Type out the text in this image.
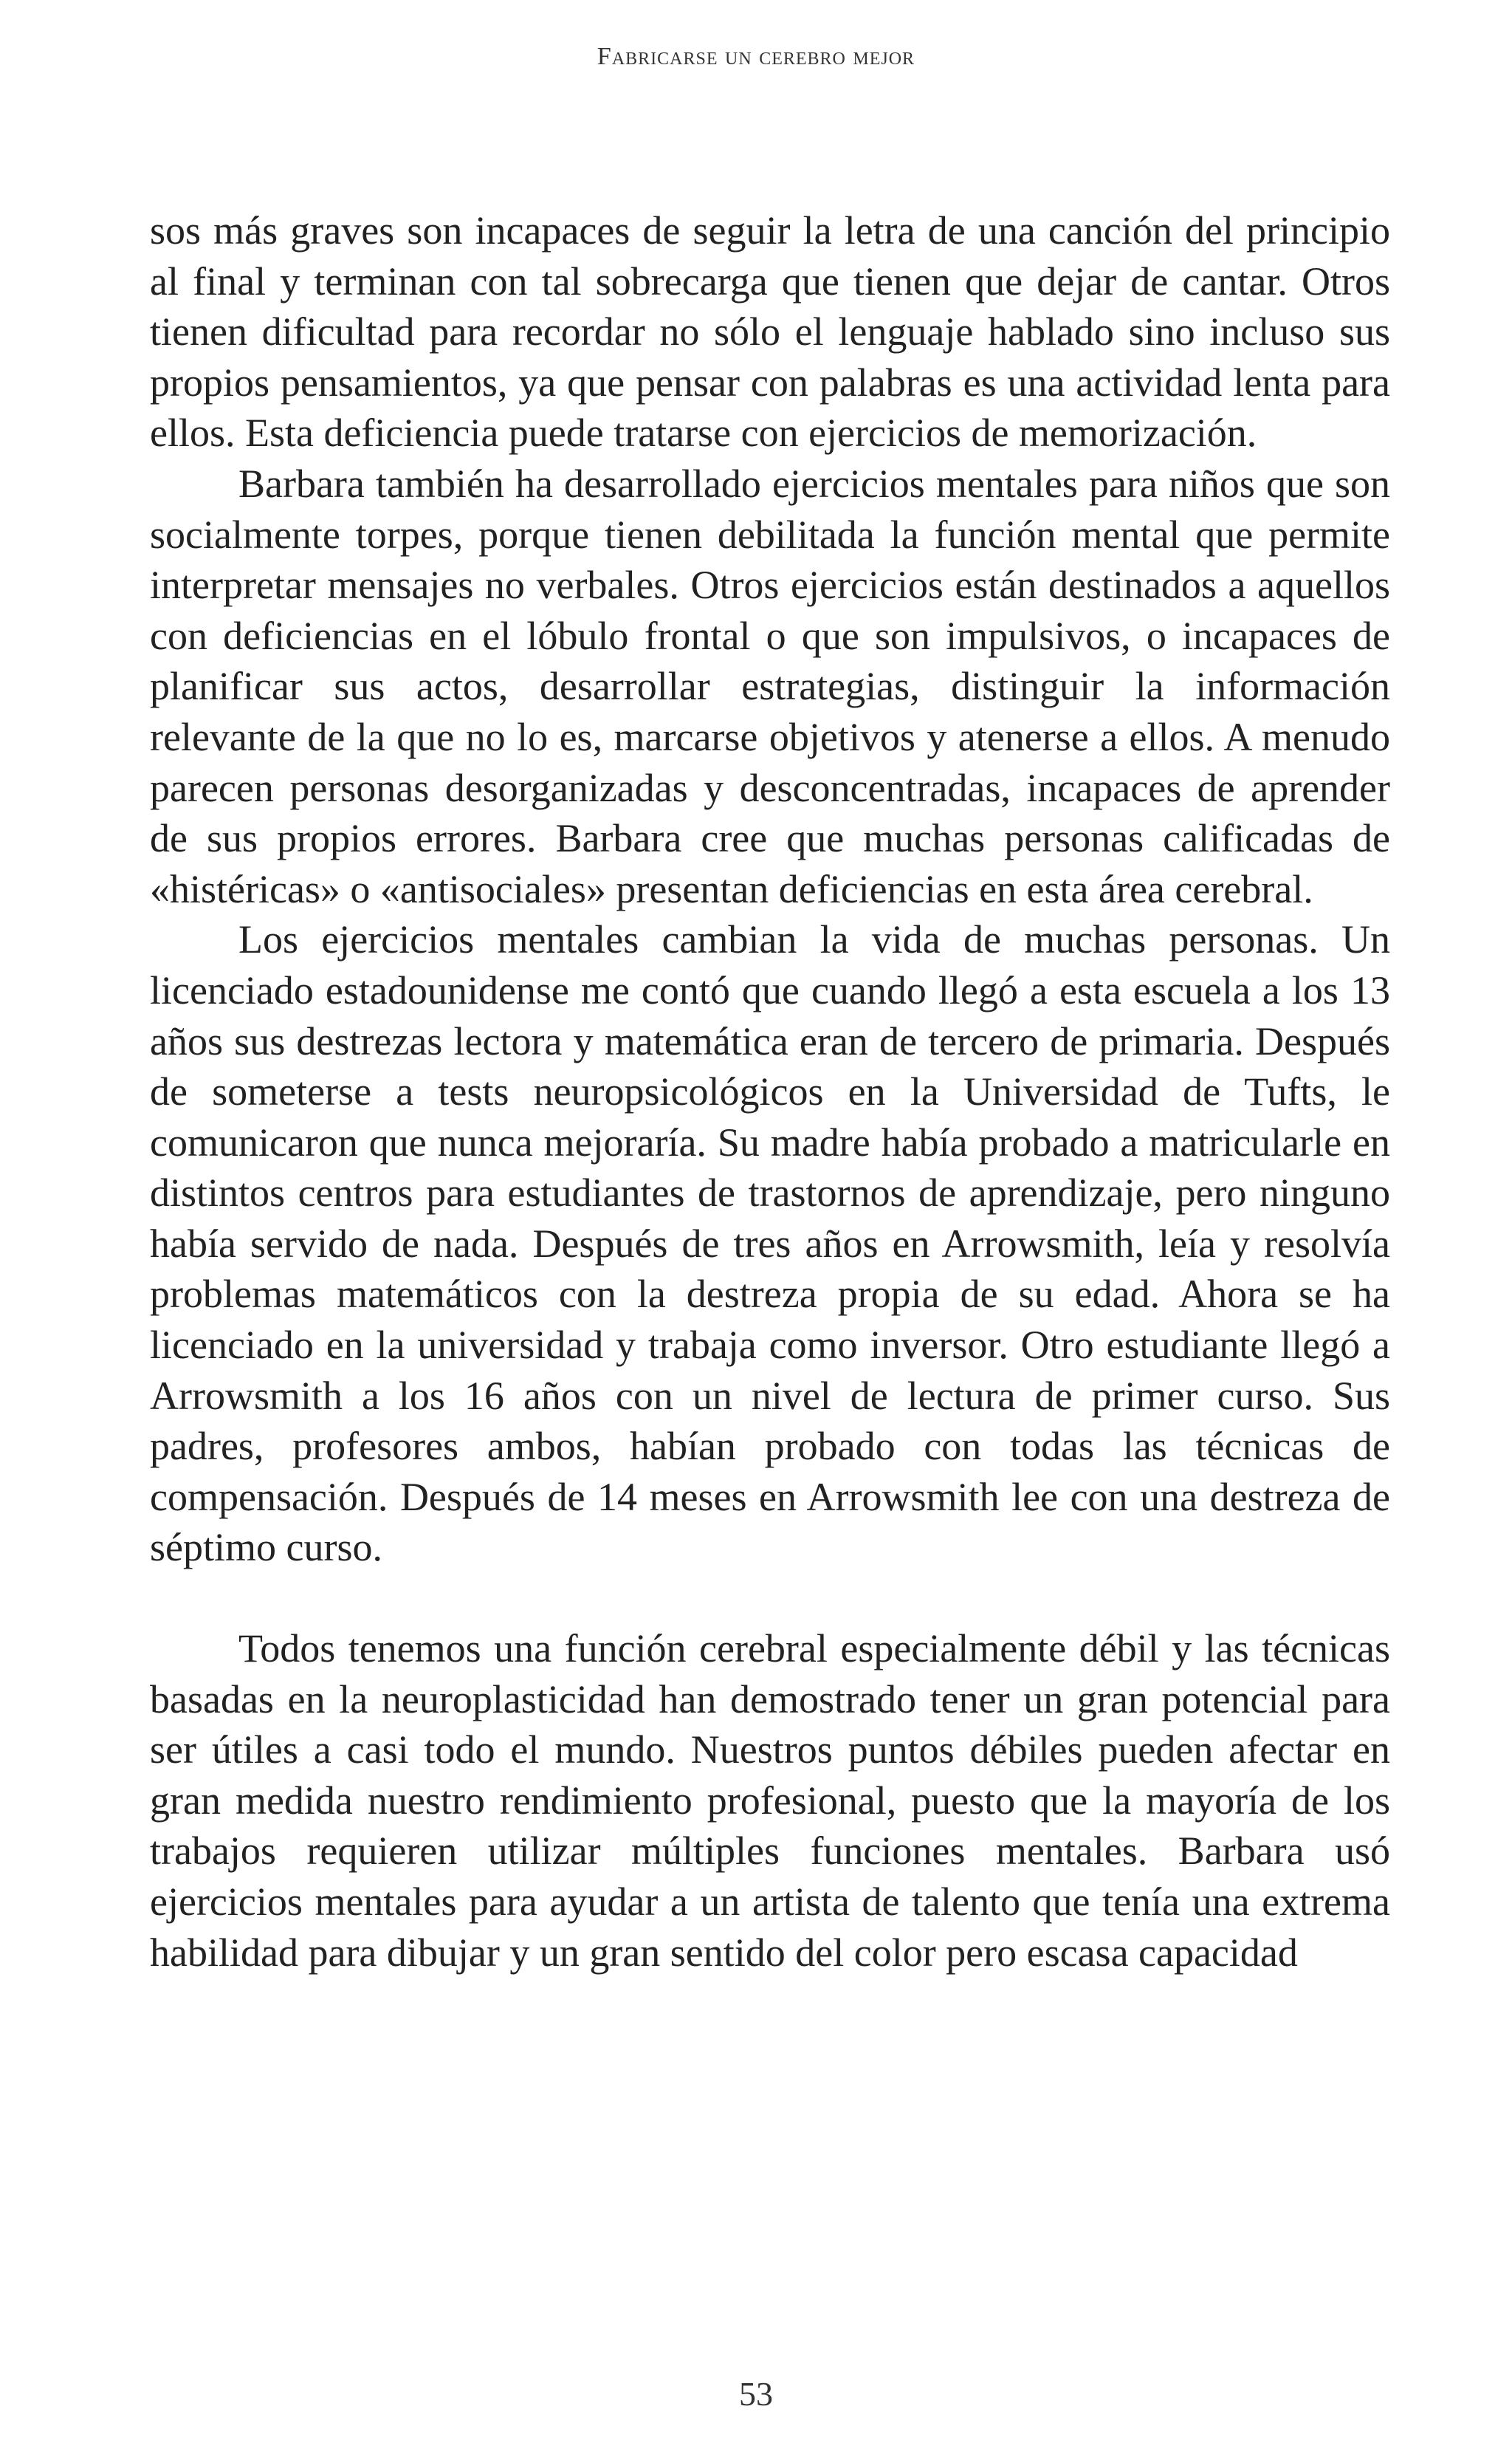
Fabricarse un cerebro mejor

sos más graves son incapaces de seguir la letra de una canción del principio al final y terminan con tal sobrecarga que tienen que dejar de cantar. Otros tienen dificultad para recordar no sólo el lenguaje hablado sino incluso sus propios pensamientos, ya que pensar con palabras es una actividad lenta para ellos. Esta deficiencia puede tratarse con ejercicios de memorización.

Barbara también ha desarrollado ejercicios mentales para niños que son socialmente torpes, porque tienen debilitada la función mental que permite interpretar mensajes no verbales. Otros ejercicios están destinados a aquellos con deficiencias en el lóbulo frontal o que son impulsivos, o incapaces de planificar sus actos, desarrollar estrategias, distinguir la información relevante de la que no lo es, marcarse objetivos y atenerse a ellos. A menudo parecen personas desorganizadas y desconcentradas, incapaces de aprender de sus propios errores. Barbara cree que muchas personas calificadas de «histéricas» o «antisociales» presentan deficiencias en esta área cerebral.

Los ejercicios mentales cambian la vida de muchas personas. Un licenciado estadounidense me contó que cuando llegó a esta escuela a los 13 años sus destrezas lectora y matemática eran de tercero de primaria. Después de someterse a tests neuropsicológicos en la Universidad de Tufts, le comunicaron que nunca mejoraría. Su madre había probado a matricularle en distintos centros para estudiantes de trastornos de aprendizaje, pero ninguno había servido de nada. Después de tres años en Arrowsmith, leía y resolvía problemas matemáticos con la destreza propia de su edad. Ahora se ha licenciado en la universidad y trabaja como inversor. Otro estudiante llegó a Arrowsmith a los 16 años con un nivel de lectura de primer curso. Sus padres, profesores ambos, habían probado con todas las técnicas de compensación. Después de 14 meses en Arrowsmith lee con una destreza de séptimo curso.

Todos tenemos una función cerebral especialmente débil y las técnicas basadas en la neuroplasticidad han demostrado tener un gran potencial para ser útiles a casi todo el mundo. Nuestros puntos débiles pueden afectar en gran medida nuestro rendimiento profesional, puesto que la mayoría de los trabajos requieren utilizar múltiples funciones mentales. Barbara usó ejercicios mentales para ayudar a un artista de talento que tenía una extrema habilidad para dibujar y un gran sentido del color pero escasa capacidad

53
